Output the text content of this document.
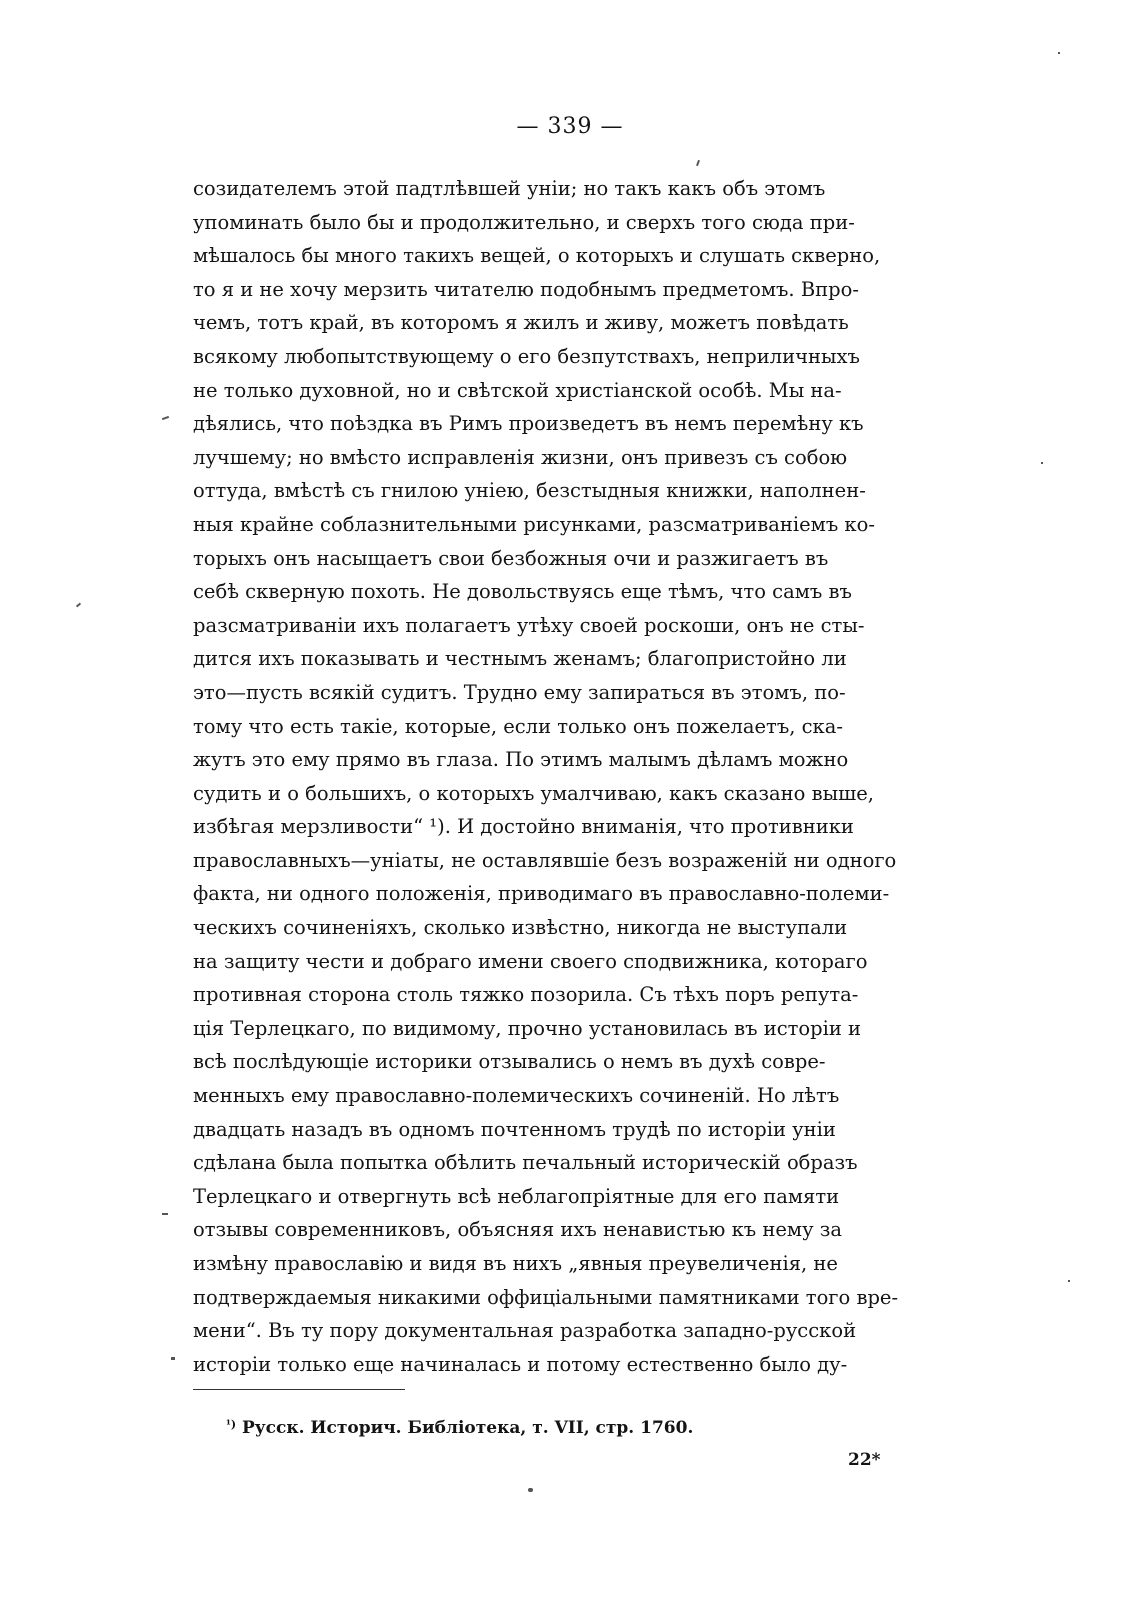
— 339 —
созидателемъ этой падтлѣвшей уніи; но такъ какъ объ этомъ
упоминать было бы и продолжительно, и сверхъ того сюда при-
мѣшалось бы много такихъ вещей, о которыхъ и слушать скверно,
то я и не хочу мерзить читателю подобнымъ предметомъ. Впро-
чемъ, тотъ край, въ которомъ я жилъ и живу, можетъ повѣдать
всякому любопытствующему о его безпутствахъ, неприличныхъ
не только духовной, но и свѣтской христіанской особѣ. Мы на-
дѣялись, что поѣздка въ Римъ произведетъ въ немъ перемѣну къ
лучшему; но вмѣсто исправленія жизни, онъ привезъ съ собою
оттуда, вмѣстѣ съ гнилою уніею, безстыдныя книжки, наполнен-
ныя крайне соблазнительными рисунками, разсматриваніемъ ко-
торыхъ онъ насыщаетъ свои безбожныя очи и разжигаетъ въ
себѣ скверную похоть. Не довольствуясь еще тѣмъ, что самъ въ
разсматриваніи ихъ полагаетъ утѣху своей роскоши, онъ не сты-
дится ихъ показывать и честнымъ женамъ; благопристойно ли
это—пусть всякій судитъ. Трудно ему запираться въ этомъ, по-
тому что есть такіе, которые, если только онъ пожелаетъ, ска-
жутъ это ему прямо въ глаза. По этимъ малымъ дѣламъ можно
судить и о большихъ, о которыхъ умалчиваю, какъ сказано выше,
избѣгая мерзливости“ ¹). И достойно вниманія, что противники
православныхъ—уніаты, не оставлявшіе безъ возраженій ни одного
факта, ни одного положенія, приводимаго въ православно-полеми-
ческихъ сочиненіяхъ, сколько извѣстно, никогда не выступали
на защиту чести и добраго имени своего сподвижника, котораго
противная сторона столь тяжко позорила. Съ тѣхъ поръ репута-
ція Терлецкаго, по видимому, прочно установилась въ исторіи и
всѣ послѣдующіе историки отзывались о немъ въ духѣ совре-
менныхъ ему православно-полемическихъ сочиненій. Но лѣтъ
двадцать назадъ въ одномъ почтенномъ трудѣ по исторіи уніи
сдѣлана была попытка обѣлить печальный историческій образъ
Терлецкаго и отвергнуть всѣ неблагопріятные для его памяти
отзывы современниковъ, объясняя ихъ ненавистью къ нему за
измѣну православію и видя въ нихъ „явныя преувеличенія, не
подтверждаемыя никакими оффиціальными памятниками того вре-
мени“. Въ ту пору документальная разработка западно-русской
исторіи только еще начиналась и потому естественно было ду-
$^{^1)}$ Русск. Историч. Библіотека, т. VII, стр. 1760.
22*
